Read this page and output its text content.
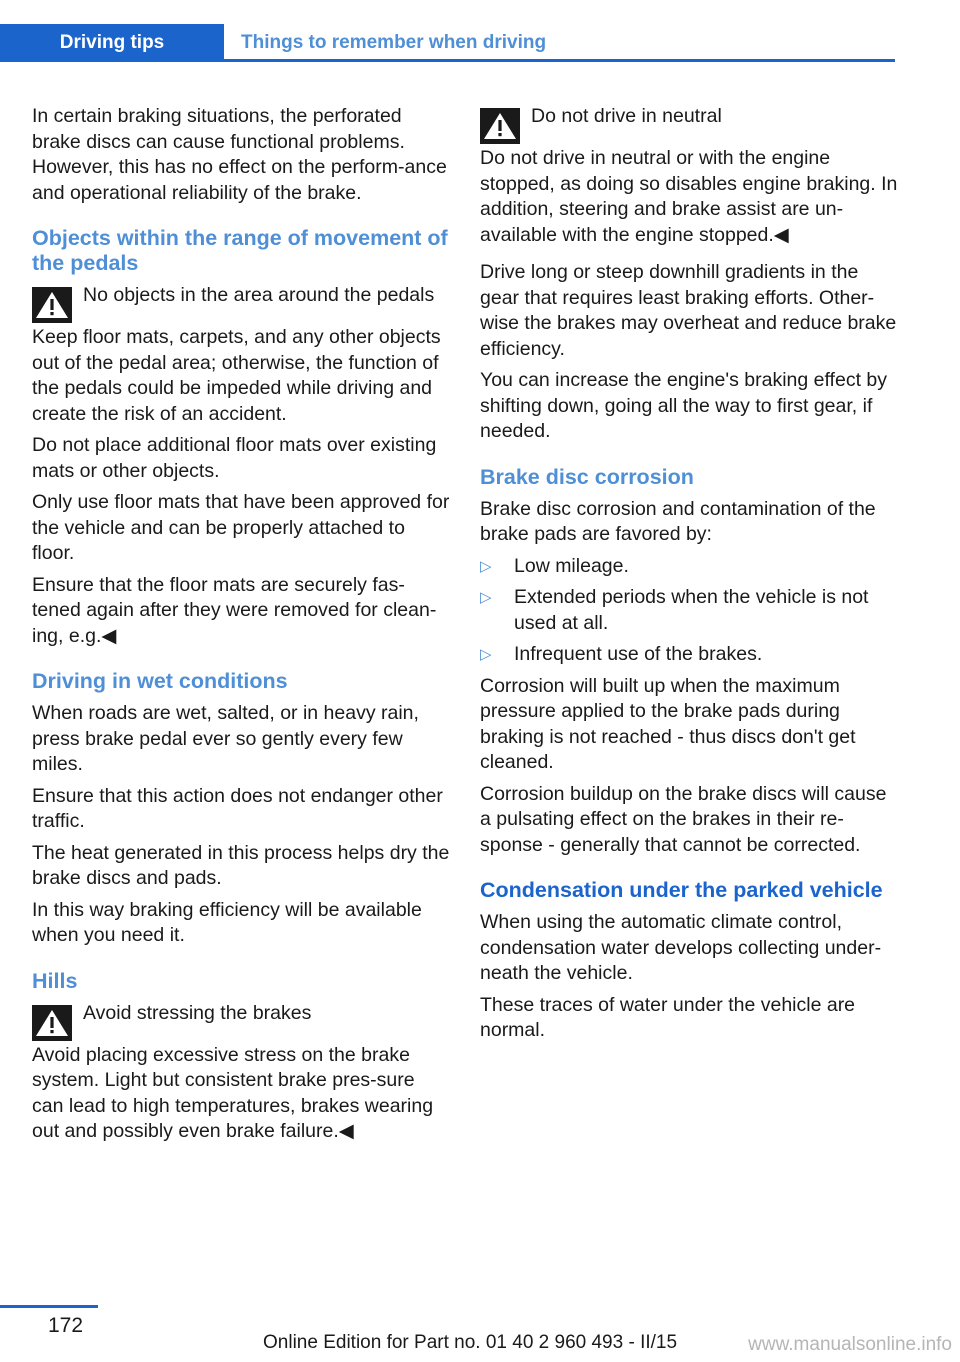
Driving tips	Things to remember when driving

In certain braking situations, the perforated brake discs can cause functional problems. However, this has no effect on the perform‐ance and operational reliability of the brake.

Objects within the range of movement of the pedals
No objects in the area around the pedals
Keep floor mats, carpets, and any other objects out of the pedal area; otherwise, the function of the pedals could be impeded while driving and create the risk of an accident.

Do not place additional floor mats over existing mats or other objects.

Only use floor mats that have been approved for the vehicle and can be properly attached to floor.

Ensure that the floor mats are securely fas‐tened again after they were removed for clean‐ing, e.g.◀

Driving in wet conditions

When roads are wet, salted, or in heavy rain, press brake pedal ever so gently every few miles.

Ensure that this action does not endanger other traffic.

The heat generated in this process helps dry the brake discs and pads.

In this way braking efficiency will be available when you need it.

Hills
Avoid stressing the brakes
Avoid placing excessive stress on the brake system. Light but consistent brake pres‐sure can lead to high temperatures, brakes wearing out and possibly even brake failure.◀
Do not drive in neutral
Do not drive in neutral or with the engine stopped, as doing so disables engine braking. In addition, steering and brake assist are un‐available with the engine stopped.◀

Drive long or steep downhill gradients in the gear that requires least braking efforts. Other‐wise the brakes may overheat and reduce brake efficiency.

You can increase the engine's braking effect by shifting down, going all the way to first gear, if needed.

Brake disc corrosion

Brake disc corrosion and contamination of the brake pads are favored by:

▷ Low mileage.
▷ Extended periods when the vehicle is not used at all.
▷ Infrequent use of the brakes.

Corrosion will built up when the maximum pressure applied to the brake pads during braking is not reached - thus discs don't get cleaned.

Corrosion buildup on the brake discs will cause a pulsating effect on the brakes in their re‐sponse - generally that cannot be corrected.

Condensation under the parked vehicle

When using the automatic climate control, condensation water develops collecting under‐neath the vehicle.

These traces of water under the vehicle are normal.

172
Online Edition for Part no. 01 40 2 960 493 - II/15	www.manualsonline.info
